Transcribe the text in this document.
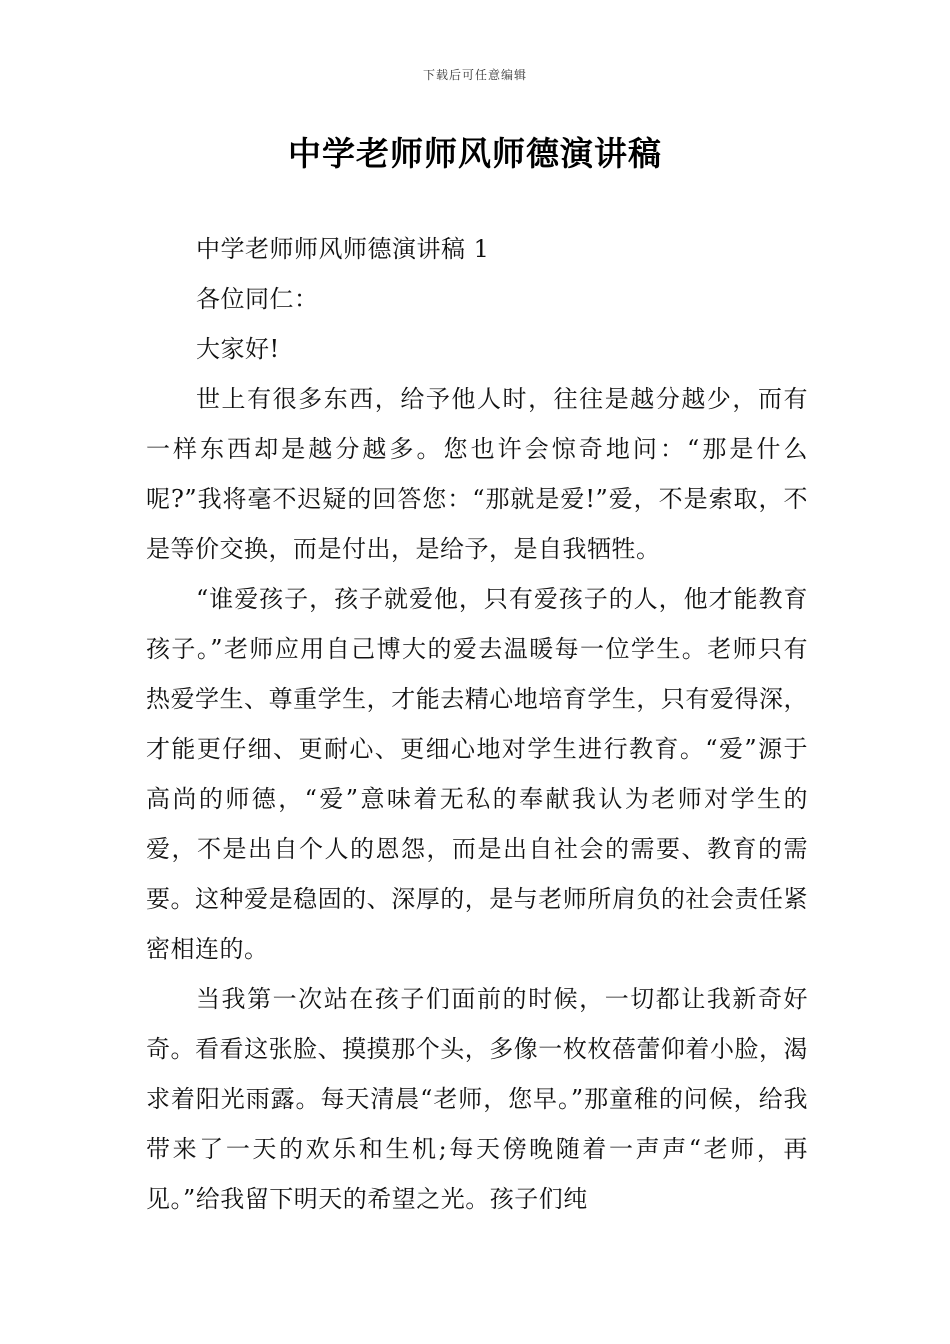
下载后可任意编辑
中学老师师风师德演讲稿

中学老师师风师德演讲稿 1

各位同仁：

大家好!

世上有很多东西，给予他人时，往往是越分越少，而有一样东西却是越分越多。您也许会惊奇地问：“那是什么呢?”我将毫不迟疑的回答您：“那就是爱!”爱，不是索取，不是等价交换，而是付出，是给予，是自我牺牲。

“谁爱孩子，孩子就爱他，只有爱孩子的人，他才能教育孩子。”老师应用自己博大的爱去温暖每一位学生。老师只有热爱学生、尊重学生，才能去精心地培育学生，只有爱得深，才能更仔细、更耐心、更细心地对学生进行教育。“爱”源于高尚的师德，“爱”意味着无私的奉献我认为老师对学生的爱，不是出自个人的恩怨，而是出自社会的需要、教育的需要。这种爱是稳固的、深厚的，是与老师所肩负的社会责任紧密相连的。

当我第一次站在孩子们面前的时候，一切都让我新奇好奇。看看这张脸、摸摸那个头，多像一枚枚蓓蕾仰着小脸，渴求着阳光雨露。每天清晨“老师，您早。”那童稚的问候，给我带来了一天的欢乐和生机;每天傍晚随着一声声“老师，再见。”给我留下明天的希望之光。孩子们纯
